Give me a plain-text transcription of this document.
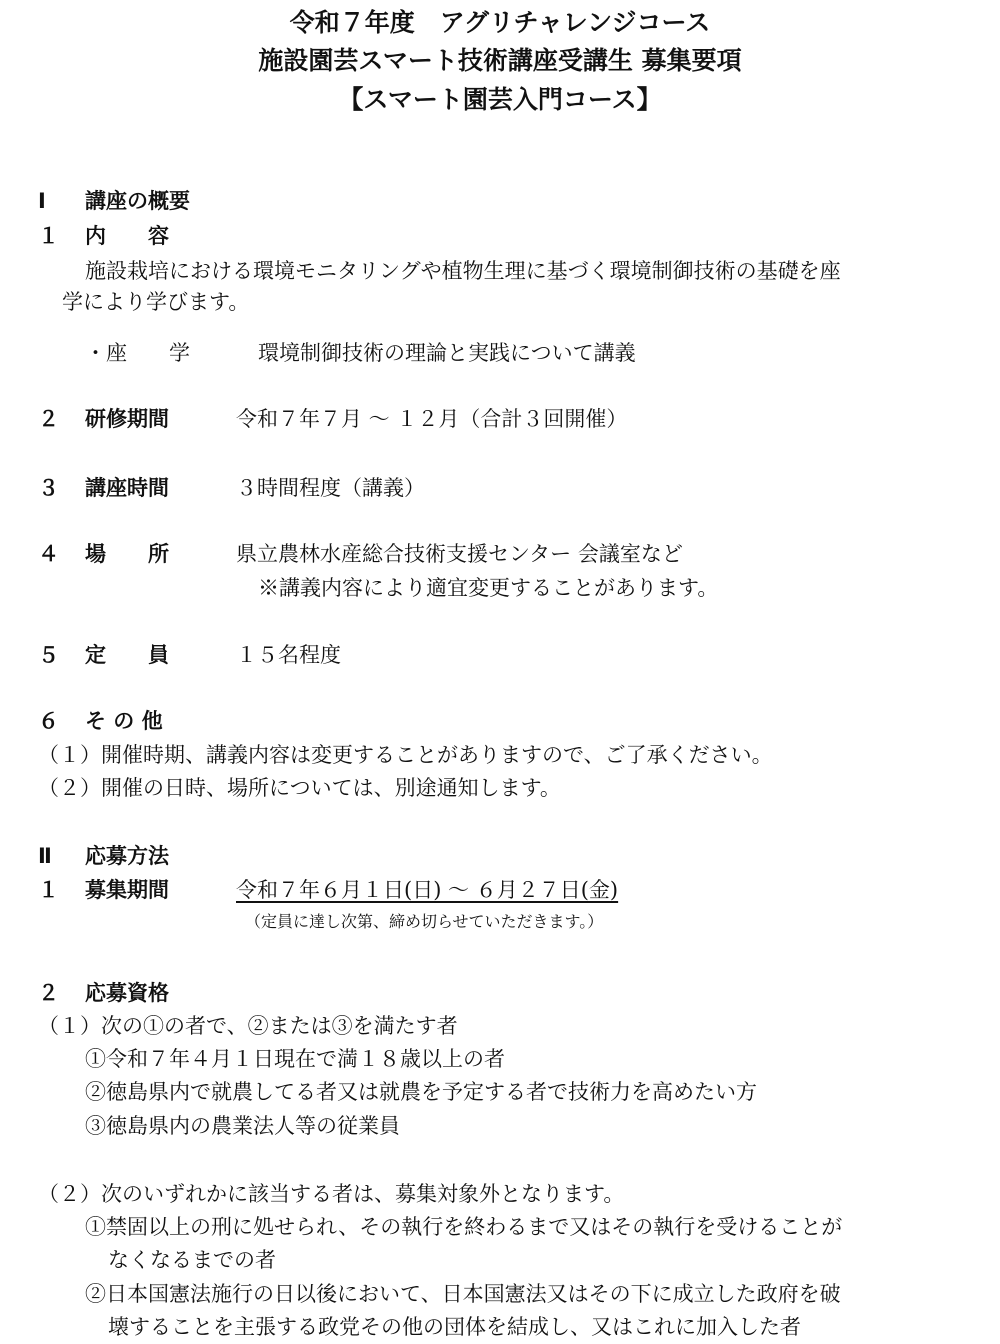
令和７年度　アグリチャレンジコース
施設園芸スマート技術講座受講生 募集要項
【スマート園芸入門コース】
Ⅰ 講座の概要
１ 内　　容
施設栽培における環境モニタリングや植物生理に基づく環境制御技術の基礎を座
学により学びます。
・座　　学	環境制御技術の理論と実践について講義
２ 研修期間	令和７年７月 ～ １２月（合計３回開催）
３ 講座時間	３時間程度（講義）
４ 場　　所	県立農林水産総合技術支援センター 会議室など
※講義内容により適宜変更することがあります。
５ 定　　員	１５名程度
６ そ の 他
（１）開催時期、講義内容は変更することがありますので、ご了承ください。
（２）開催の日時、場所については、別途通知します。
Ⅱ 応募方法
１ 募集期間	令和７年６月１日(日) ～ ６月２７日(金)
（定員に達し次第、締め切らせていただきます。）
２ 応募資格
（１）次の①の者で、②または③を満たす者
①令和７年４月１日現在で満１８歳以上の者
②徳島県内で就農してる者又は就農を予定する者で技術力を高めたい方
③徳島県内の農業法人等の従業員
（２）次のいずれかに該当する者は、募集対象外となります。
①禁固以上の刑に処せられ、その執行を終わるまで又はその執行を受けることが
なくなるまでの者
②日本国憲法施行の日以後において、日本国憲法又はその下に成立した政府を破
壊することを主張する政党その他の団体を結成し、又はこれに加入した者
